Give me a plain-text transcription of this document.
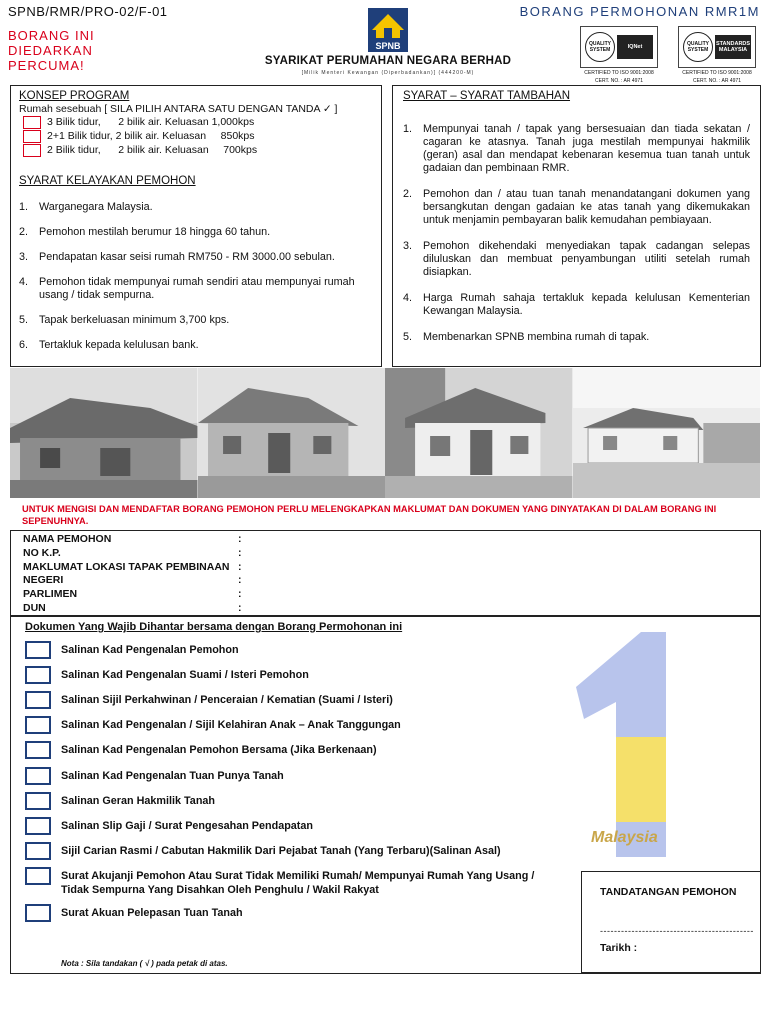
SPNB/RMR/PRO-02/F-01
BORANG INI
DIEDARKAN
PERCUMA!
BORANG PERMOHONAN RMR1M
SPNB
SYARIKAT PERUMAHAN NEGARA BERHAD
[Milik Menteri Kewangan (Diperbadankan)] (444200-M)
QUALITY SYSTEM	IQNet
CERTIFIED TO ISO 9001:2008
CERT. NO. : AR 4971
QUALITY SYSTEM
STANDARDS MALAYSIA
CERTIFIED TO ISO 9001:2008
CERT. NO. : AR 4971
KONSEP PROGRAM
Rumah sesebuah [ SILA PILIH ANTARA SATU DENGAN TANDA ✓ ]
3 Bilik tidur,      2 bilik air. Keluasan 1,000kps
2+1 Bilik tidur, 2 bilik air. Keluasan     850kps
2 Bilik tidur,      2 bilik air. Keluasan     700kps
SYARAT KELAYAKAN PEMOHON
1.	Warganegara Malaysia.
2.	Pemohon mestilah berumur 18 hingga 60 tahun.
3.	Pendapatan kasar seisi rumah RM750 - RM 3000.00 sebulan.
4.	Pemohon tidak mempunyai rumah sendiri atau mempunyai rumah usang / tidak sempurna.
5.	Tapak berkeluasan minimum 3,700 kps.
6.	Tertakluk kepada kelulusan bank.
SYARAT – SYARAT TAMBAHAN
1.	Mempunyai tanah / tapak yang bersesuaian dan tiada sekatan / cagaran ke atasnya. Tanah juga mestilah mempunyai hakmilik (geran) asal dan mendapat kebenaran kesemua tuan tanah untuk gadaian dan pembinaan RMR.
2.	Pemohon dan / atau tuan tanah menandatangani dokumen yang bersangkutan dengan gadaian ke atas tanah yang dikemukakan untuk menjamin pembayaran balik kemudahan pembiayaan.
3.	Pemohon dikehendaki menyediakan tapak cadangan selepas diluluskan dan membuat penyambungan utiliti setelah rumah disiapkan.
4.	Harga Rumah sahaja tertakluk kepada kelulusan Kementerian Kewangan Malaysia.
5.	Membenarkan SPNB membina rumah di tapak.
UNTUK MENGISI DAN MENDAFTAR BORANG PEMOHON PERLU MELENGKAPKAN MAKLUMAT DAN DOKUMEN YANG DINYATAKAN DI DALAM BORANG INI SEPENUHNYA.
NAMA PEMOHON	:
NO K.P.	:
MAKLUMAT LOKASI TAPAK PEMBINAAN :
NEGERI	:
PARLIMEN	:
DUN	:
Malaysia
Dokumen Yang Wajib Dihantar bersama dengan Borang Permohonan ini
Salinan Kad Pengenalan Pemohon
Salinan Kad Pengenalan Suami / Isteri Pemohon
Salinan Sijil Perkahwinan / Penceraian / Kematian (Suami / Isteri)
Salinan Kad Pengenalan / Sijil Kelahiran Anak – Anak Tanggungan
Salinan Kad Pengenalan Pemohon Bersama (Jika Berkenaan)
Salinan Kad Pengenalan Tuan Punya Tanah
Salinan Geran Hakmilik Tanah
Salinan Slip Gaji / Surat Pengesahan Pendapatan
Sijil Carian Rasmi / Cabutan Hakmilik Dari Pejabat Tanah (Yang Terbaru)(Salinan Asal)
Surat Akujanji Pemohon Atau Surat Tidak Memiliki Rumah/ Mempunyai Rumah Yang Usang / Tidak Sempurna Yang Disahkan Oleh Penghulu / Wakil Rakyat
Surat Akuan Pelepasan Tuan Tanah
Nota : Sila tandakan ( √ ) pada petak di atas.
TANDATANGAN PEMOHON
--------------------------------------------
Tarikh :
